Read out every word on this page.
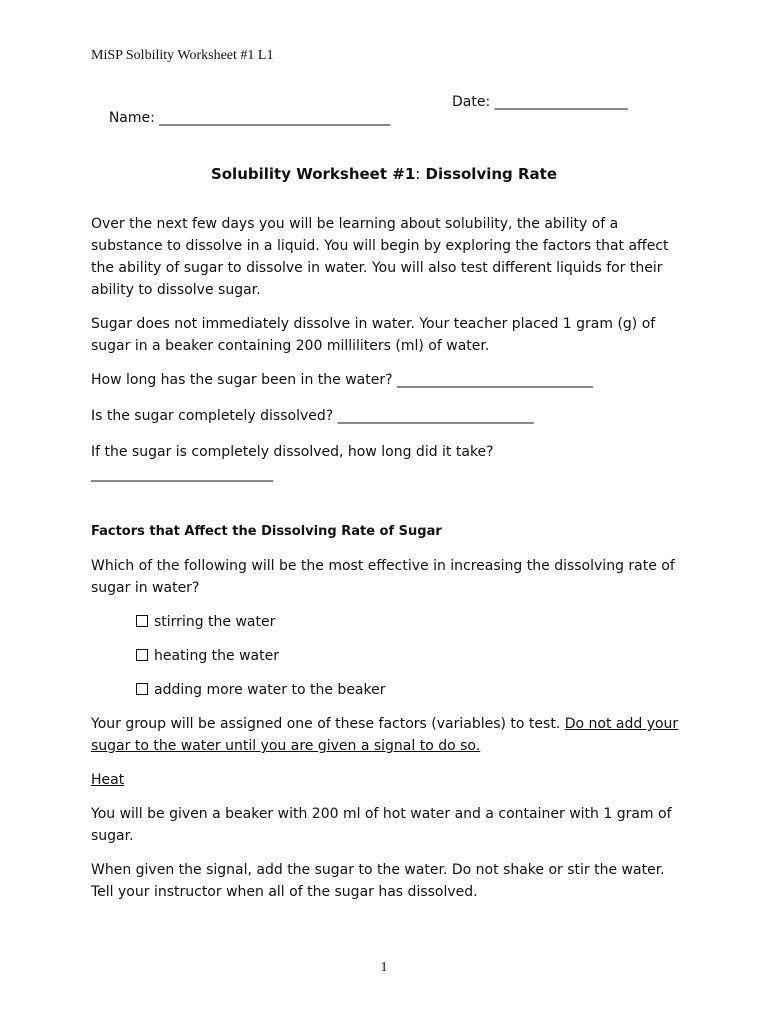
MiSP Solbility Worksheet #1 L1

Name: _________________________________

Date: ___________________

Solubility Worksheet #1: Dissolving Rate

Over the next few days you will be learning about solubility, the ability of a substance to dissolve in a liquid. You will begin by exploring the factors that affect the ability of sugar to dissolve in water. You will also test different liquids for their ability to dissolve sugar.

Sugar does not immediately dissolve in water. Your teacher placed 1 gram (g) of sugar in a beaker containing 200 milliliters (ml) of water.

How long has the sugar been in the water? ____________________________

Is the sugar completely dissolved? ____________________________

If the sugar is completely dissolved, how long did it take?

__________________________

Factors that Affect the Dissolving Rate of Sugar

Which of the following will be the most effective in increasing the dissolving rate of sugar in water?

stirring the water

heating the water

adding more water to the beaker

Your group will be assigned one of these factors (variables) to test. Do not add your sugar to the water until you are given a signal to do so.

Heat

You will be given a beaker with 200 ml of hot water and a container with 1 gram of sugar.

When given the signal, add the sugar to the water. Do not shake or stir the water. Tell your instructor when all of the sugar has dissolved.

1
